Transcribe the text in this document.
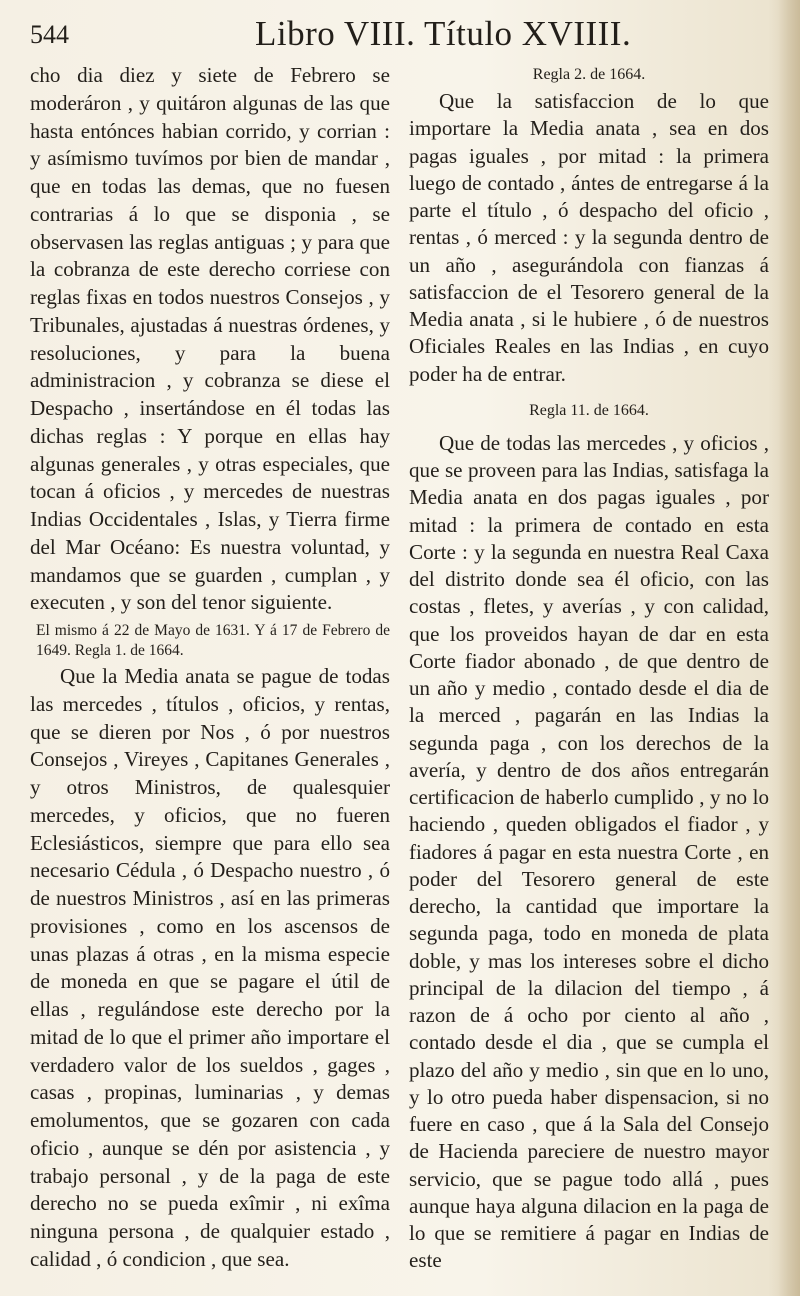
544	Libro VIII. Título XVIIII.

cho dia diez y siete de Febrero se moderáron , y quitáron algunas de las que hasta entónces habian corrido, y corrian : y asímismo tuvímos por bien de mandar , que en todas las demas, que no fuesen contrarias á lo que se disponia , se observasen las reglas antiguas ; y para que la cobranza de este derecho corriese con reglas fixas en todos nuestros Consejos , y Tribunales, ajustadas á nuestras órdenes, y resoluciones, y para la buena administracion , y cobranza se diese el Despacho , insertándose en él todas las dichas reglas : Y porque en ellas hay algunas generales , y otras especiales, que tocan á oficios , y mercedes de nuestras Indias Occidentales , Islas, y Tierra firme del Mar Océano: Es nuestra voluntad, y mandamos que se guarden , cumplan , y executen , y son del tenor siguiente.

El mismo á 22 de Mayo de 1631. Y á 17 de Febrero de 1649. Regla 1. de 1664.

Que la Media anata se pague de todas las mercedes , títulos , oficios, y rentas, que se dieren por Nos , ó por nuestros Consejos , Vireyes , Capitanes Generales , y otros Ministros, de qualesquier mercedes, y oficios, que no fueren Eclesiásticos, siempre que para ello sea necesario Cédula , ó Despacho nuestro , ó de nuestros Ministros , así en las primeras provisiones , como en los ascensos de unas plazas á otras , en la misma especie de moneda en que se pagare el útil de ellas , regulándose este derecho por la mitad de lo que el primer año importare el verdadero valor de los sueldos , gages , casas , propinas, luminarias , y demas emolumentos, que se gozaren con cada oficio , aunque se dén por asistencia , y trabajo personal , y de la paga de este derecho no se pueda exîmir , ni exîma ninguna persona , de qualquier estado , calidad , ó condicion , que sea.

Regla 2. de 1664.

Que la satisfaccion de lo que importare la Media anata , sea en dos pagas iguales , por mitad : la primera luego de contado , ántes de entregarse á la parte el título , ó despacho del oficio , rentas , ó merced : y la segunda dentro de un año , asegurándola con fianzas á satisfaccion de el Tesorero general de la Media anata , si le hubiere , ó de nuestros Oficiales Reales en las Indias , en cuyo poder ha de entrar.

Regla 11. de 1664.

Que de todas las mercedes , y oficios , que se proveen para las Indias, satisfaga la Media anata en dos pagas iguales , por mitad : la primera de contado en esta Corte : y la segunda en nuestra Real Caxa del distrito donde sea él oficio, con las costas , fletes, y averías , y con calidad, que los proveidos hayan de dar en esta Corte fiador abonado , de que dentro de un año y medio , contado desde el dia de la merced , pagarán en las Indias la segunda paga , con los derechos de la avería, y dentro de dos años entregarán certificacion de haberlo cumplido , y no lo haciendo , queden obligados el fiador , y fiadores á pagar en esta nuestra Corte , en poder del Tesorero general de este derecho, la cantidad que importare la segunda paga, todo en moneda de plata doble, y mas los intereses sobre el dicho principal de la dilacion del tiempo , á razon de á ocho por ciento al año , contado desde el dia , que se cumpla el plazo del año y medio , sin que en lo uno, y lo otro pueda haber dispensacion, si no fuere en caso , que á la Sala del Consejo de Hacienda pareciere de nuestro mayor servicio, que se pague todo allá , pues aunque haya alguna dilacion en la paga de lo que se remitiere á pagar en Indias de este
